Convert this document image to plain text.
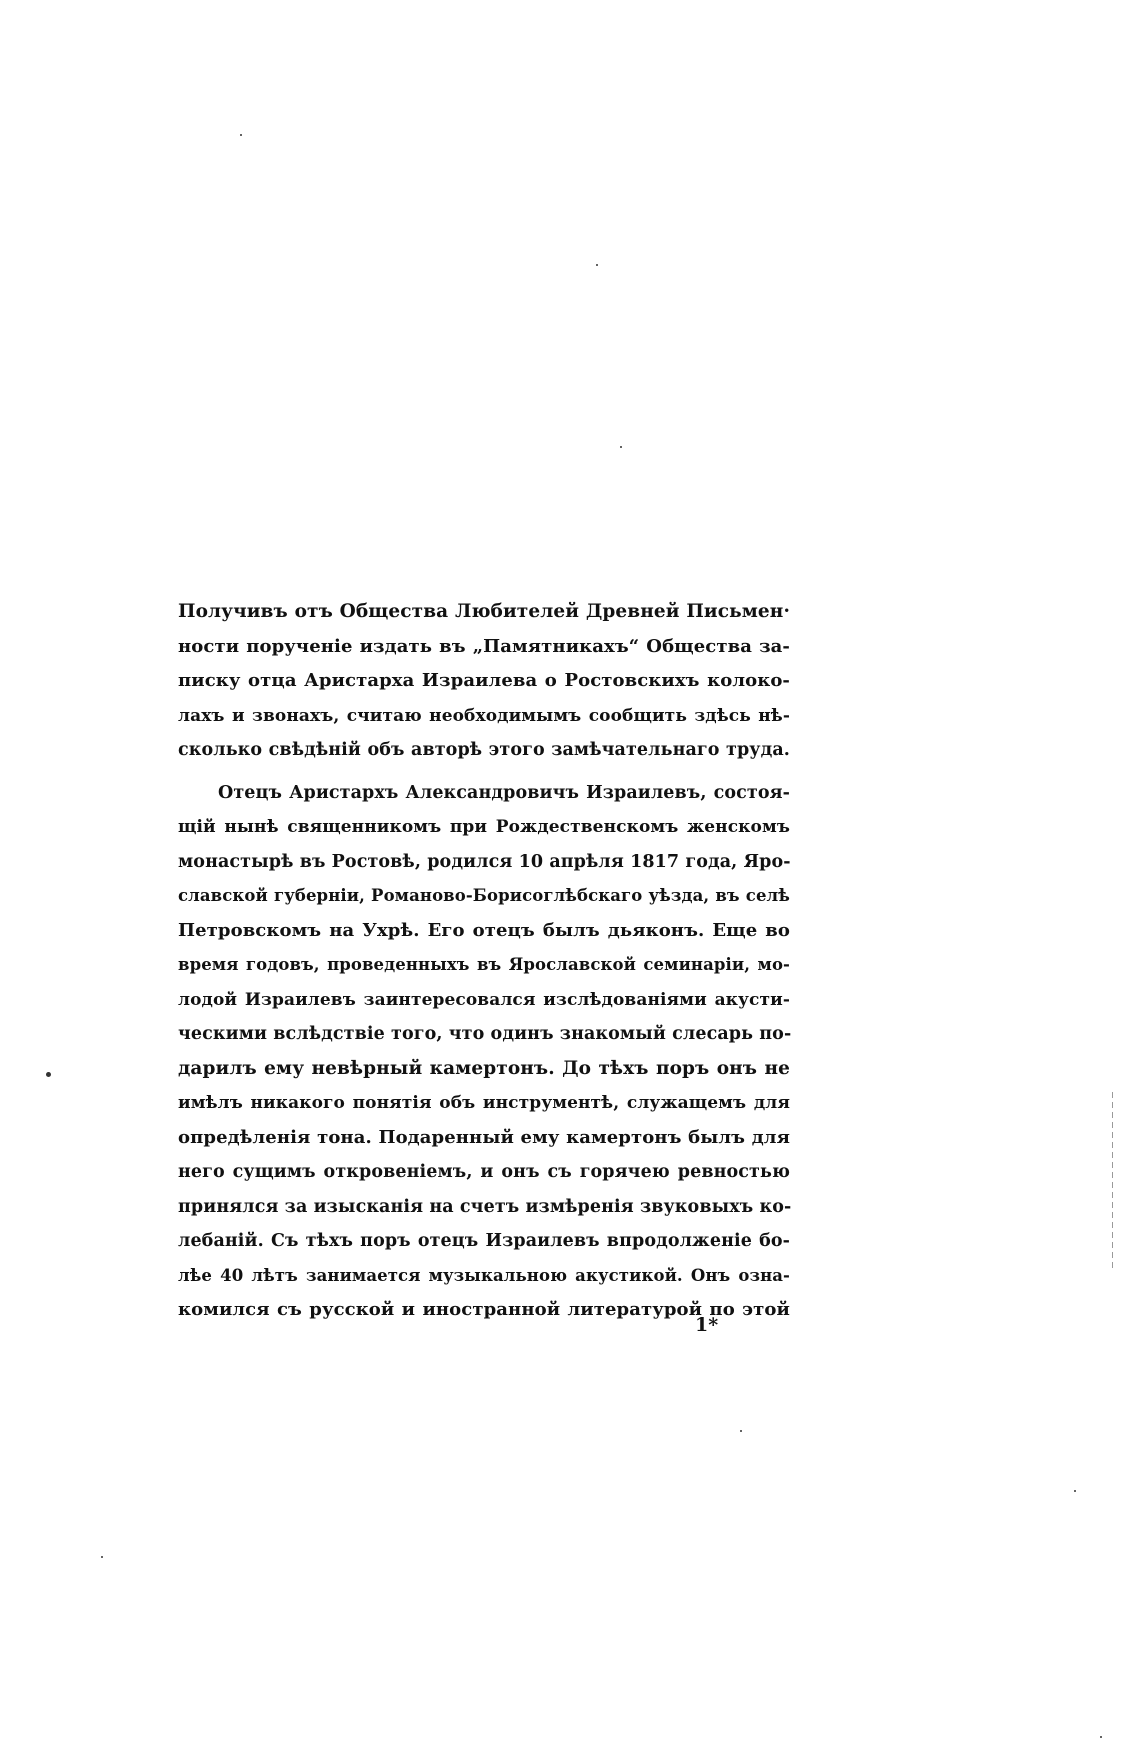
Получивъ отъ Общества Любителей Древней Письмен·
ности порученіе издать въ „Памятникахъ“ Общества за-
писку отца Аристарха Израилева о Ростовскихъ колоко-
лахъ и звонахъ, считаю необходимымъ сообщить здѣсь нѣ-
сколько свѣдѣній объ авторѣ этого замѣчательнаго труда.
Отецъ Аристархъ Александровичъ Израилевъ, состоя-
щій нынѣ священникомъ при Рождественскомъ женскомъ
монастырѣ въ Ростовѣ, родился 10 апрѣля 1817 года, Яро-
славской губерніи, Романово-Борисоглѣбскаго уѣзда, въ селѣ
Петровскомъ на Ухрѣ. Его отецъ былъ дьяконъ. Еще во
время годовъ, проведенныхъ въ Ярославской семинаріи, мо-
лодой Израилевъ заинтересовался изслѣдованіями акусти-
ческими вслѣдствіе того, что одинъ знакомый слесарь по-
дарилъ ему невѣрный камертонъ. До тѣхъ поръ онъ не
имѣлъ никакого понятія объ инструментѣ, служащемъ для
опредѣленія тона. Подаренный ему камертонъ былъ для
него сущимъ откровеніемъ, и онъ съ горячею ревностью
принялся за изысканія на счетъ измѣренія звуковыхъ ко-
лебаній. Съ тѣхъ поръ отецъ Израилевъ впродолженіе бо-
лѣе 40 лѣтъ занимается музыкальною акустикой. Онъ озна-
комился съ русской и иностранной литературой по этой
1*
